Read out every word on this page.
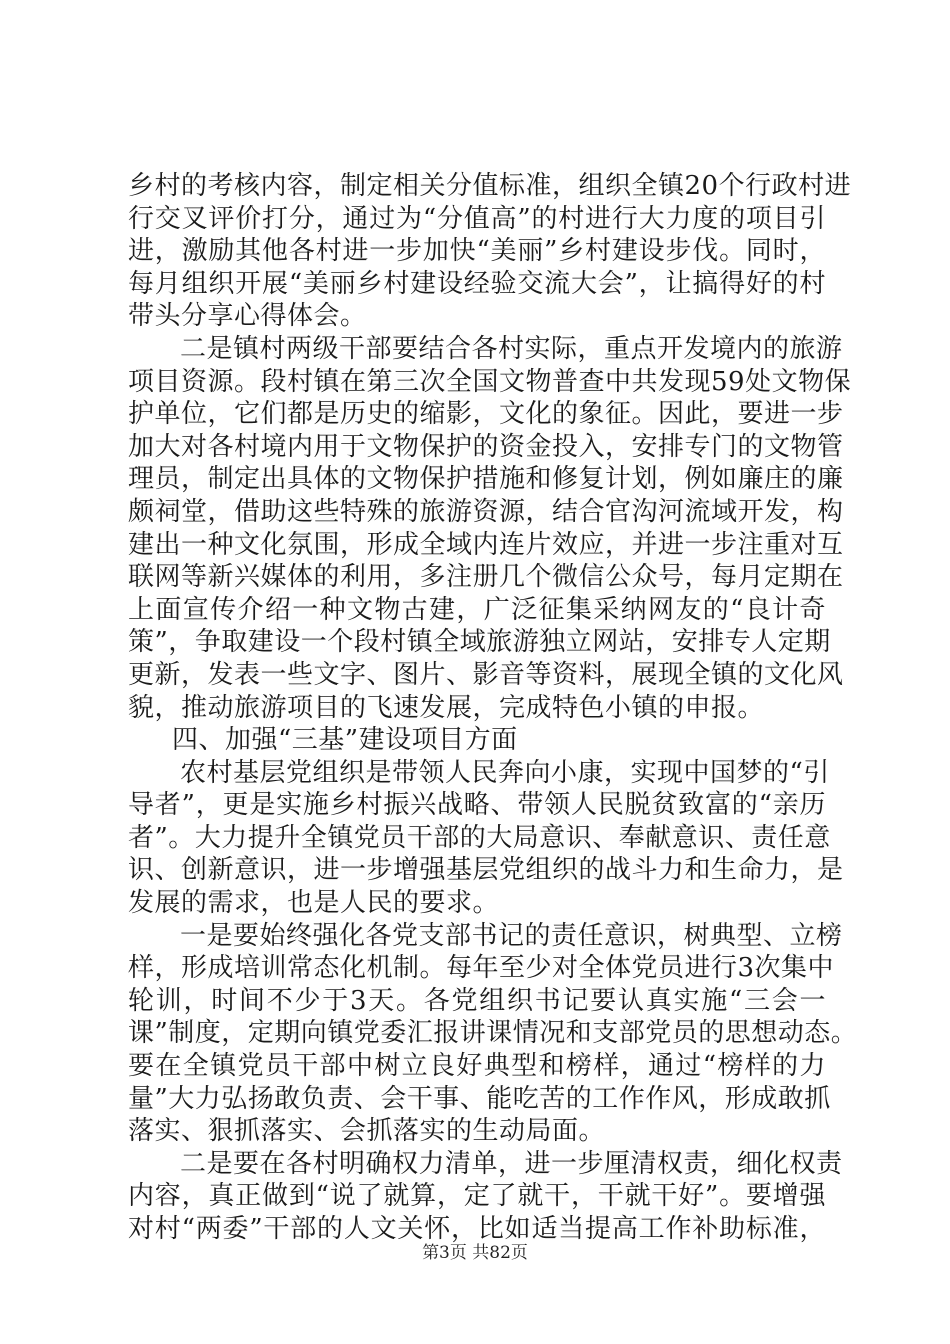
乡村的考核内容，制定相关分值标准，组织全镇20个行政村进
行交叉评价打分，通过为“分值高”的村进行大力度的项目引
进，激励其他各村进一步加快“美丽”乡村建设步伐。同时，
每月组织开展“美丽乡村建设经验交流大会”，让搞得好的村
带头分享心得体会。
二是镇村两级干部要结合各村实际，重点开发境内的旅游
项目资源。段村镇在第三次全国文物普查中共发现59处文物保
护单位，它们都是历史的缩影，文化的象征。因此，要进一步
加大对各村境内用于文物保护的资金投入，安排专门的文物管
理员，制定出具体的文物保护措施和修复计划，例如廉庄的廉
颇祠堂，借助这些特殊的旅游资源，结合官沟河流域开发，构
建出一种文化氛围，形成全域内连片效应，并进一步注重对互
联网等新兴媒体的利用，多注册几个微信公众号，每月定期在
上面宣传介绍一种文物古建，广泛征集采纳网友的“良计奇
策”，争取建设一个段村镇全域旅游独立网站，安排专人定期
更新，发表一些文字、图片、影音等资料，展现全镇的文化风
貌，推动旅游项目的飞速发展，完成特色小镇的申报。
四、加强“三基”建设项目方面
农村基层党组织是带领人民奔向小康，实现中国梦的“引
导者”，更是实施乡村振兴战略、带领人民脱贫致富的“亲历
者”。大力提升全镇党员干部的大局意识、奉献意识、责任意
识、创新意识，进一步增强基层党组织的战斗力和生命力，是
发展的需求，也是人民的要求。
一是要始终强化各党支部书记的责任意识，树典型、立榜
样，形成培训常态化机制。每年至少对全体党员进行3次集中
轮训，时间不少于3天。各党组织书记要认真实施“三会一
课”制度，定期向镇党委汇报讲课情况和支部党员的思想动态。
要在全镇党员干部中树立良好典型和榜样，通过“榜样的力
量”大力弘扬敢负责、会干事、能吃苦的工作作风，形成敢抓
落实、狠抓落实、会抓落实的生动局面。
二是要在各村明确权力清单，进一步厘清权责，细化权责
内容，真正做到“说了就算，定了就干，干就干好”。要增强
对村“两委”干部的人文关怀，比如适当提高工作补助标准，
第3页 共82页
